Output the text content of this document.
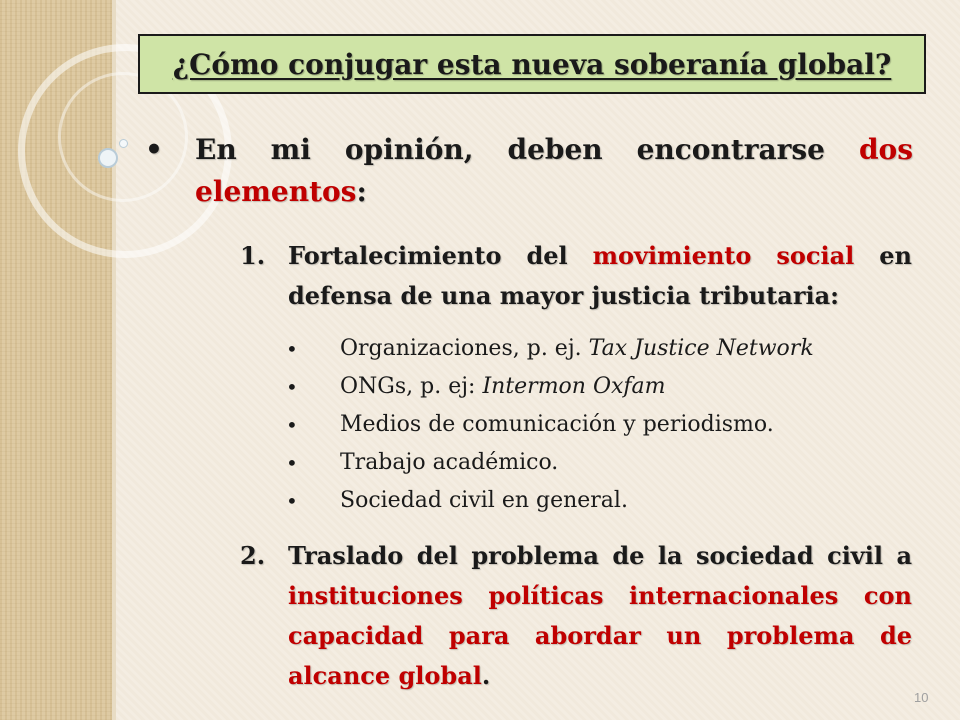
¿Cómo conjugar esta nueva soberanía global?
•	En mi opinión, deben encontrarse dos elementos:
1. Fortalecimiento del movimiento social en defensa de una mayor justicia tributaria:
• Organizaciones, p. ej. Tax Justice Network
• ONGs, p. ej: Intermon Oxfam
• Medios de comunicación y periodismo.
• Trabajo académico.
• Sociedad civil en general.
2. Traslado del problema de la sociedad civil a instituciones políticas internacionales con capacidad para abordar un problema de alcance global.
10
